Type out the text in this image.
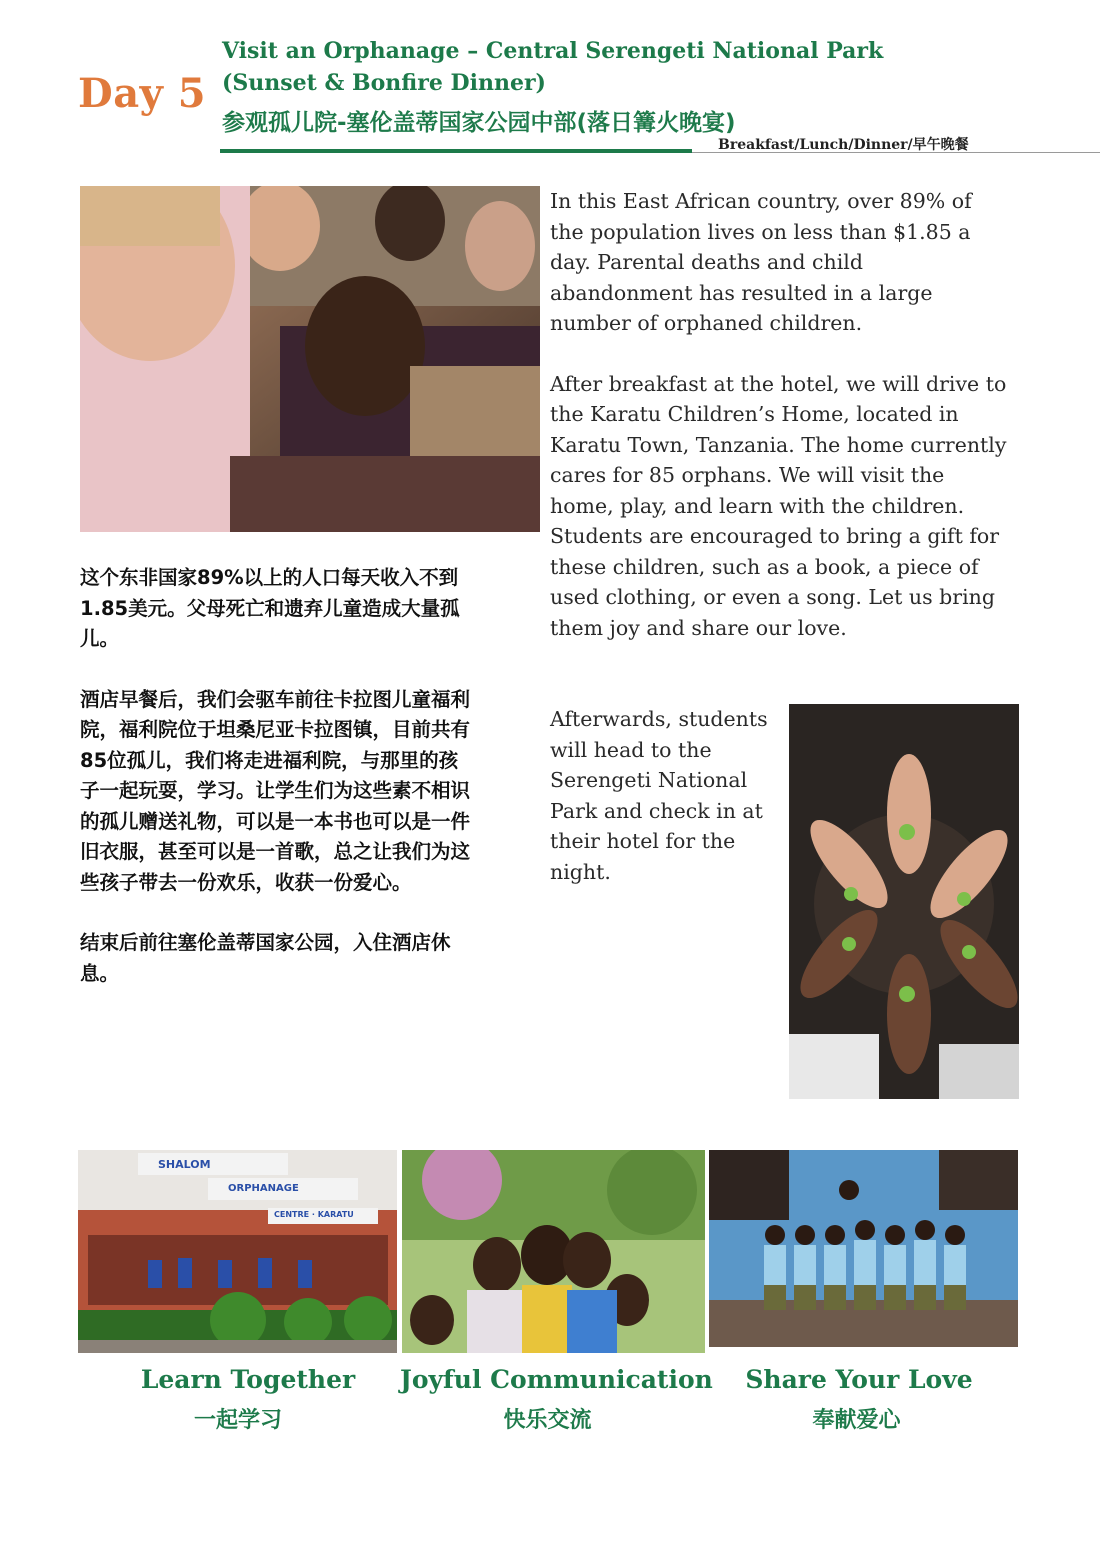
Day 5
Visit an Orphanage – Central Serengeti National Park
(Sunset & Bonfire Dinner)
参观孤儿院-塞伦盖蒂国家公园中部(落日篝火晚宴)
Breakfast/Lunch/Dinner/早午晚餐

In this East African country, over 89% of the population lives on less than $1.85 a day. Parental deaths and child abandonment has resulted in a large number of orphaned children.

After breakfast at the hotel, we will drive to the Karatu Children’s Home, located in Karatu Town, Tanzania. The home currently cares for 85 orphans. We will visit the home, play, and learn with the children. Students are encouraged to bring a gift for these children, such as a book, a piece of used clothing, or even a song. Let us bring them joy and share our love.

Afterwards, students will head to the Serengeti National Park and check in at their hotel for the night.

这个东非国家89%以上的人口每天收入不到1.85美元。父母死亡和遗弃儿童造成大量孤儿。

酒店早餐后，我们会驱车前往卡拉图儿童福利院，福利院位于坦桑尼亚卡拉图镇，目前共有85位孤儿，我们将走进福利院，与那里的孩子一起玩耍，学习。让学生们为这些素不相识的孤儿赠送礼物，可以是一本书也可以是一件旧衣服，甚至可以是一首歌，总之让我们为这些孩子带去一份欢乐，收获一份爱心。

结束后前往塞伦盖蒂国家公园，入住酒店休息。

SHALOM
ORPHANAGE
CENTRE · KARATU
Learn Together
一起学习
Joyful Communication
快乐交流
Share Your Love
奉献爱心
